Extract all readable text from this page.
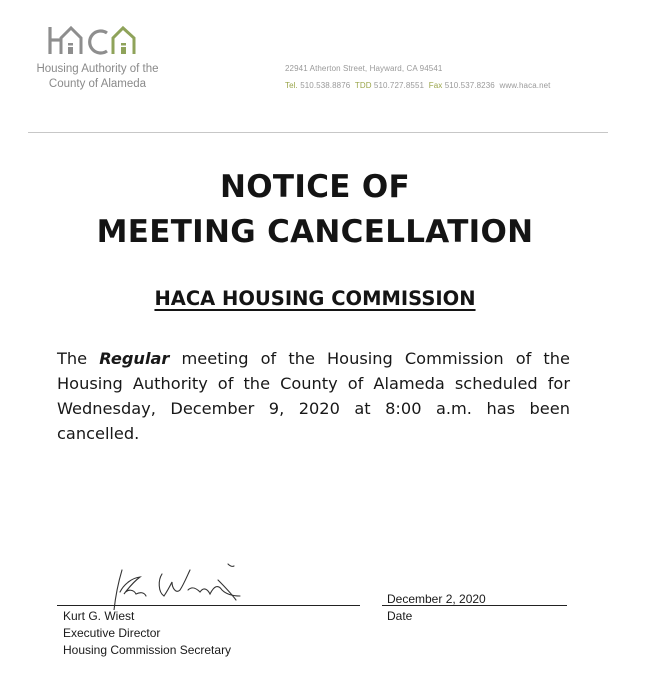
Housing Authority of the
County of Alameda
22941 Atherton Street, Hayward, CA 94541
Tel. 510.538.8876 TDD 510.727.8551 Fax 510.537.8236 www.haca.net
NOTICE OF
MEETING CANCELLATION
HACA HOUSING COMMISSION
The Regular meeting of the Housing Commission of the Housing Authority of the County of Alameda scheduled for Wednesday, December 9, 2020 at 8:00 a.m. has been cancelled.
Kurt G. Wiest
Executive Director
Housing Commission Secretary
December 2, 2020
Date
